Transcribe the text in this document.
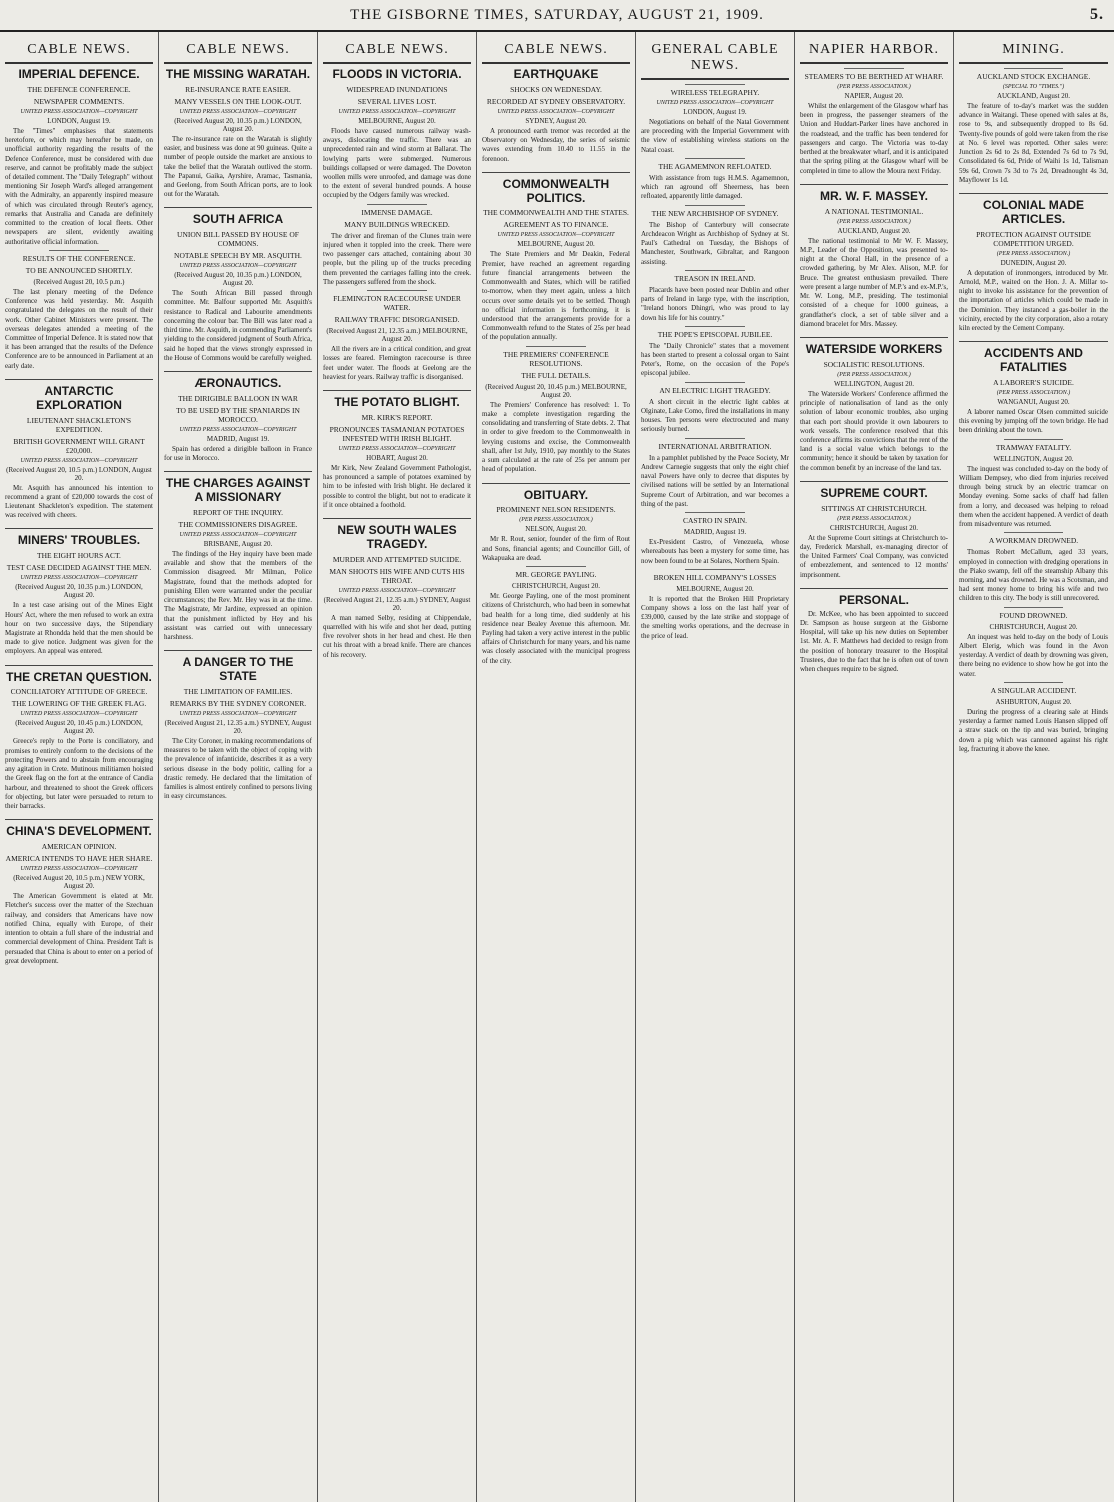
THE GISBORNE TIMES, SATURDAY, AUGUST 21, 1909.	5.
CABLE NEWS.
IMPERIAL DEFENCE.
THE DEFENCE CONFERENCE.
NEWSPAPER COMMENTS.
UNITED PRESS ASSOCIATION—COPYRIGHT
LONDON, August 19.

The "Times" emphasises that statements heretofore, or which may hereafter be made, on unofficial authority regarding the results of the Defence Conference, must be considered with due reserve, and cannot be profitably made the subject of detailed comment. The "Daily Telegraph" without mentioning Sir Joseph Ward's alleged arrangement with the Admiralty, an apparently inspired measure of which was circulated through Reuter's agency, remarks that Australia and Canada are definitely committed to the creation of local fleets. Other newspapers are silent, evidently awaiting authoritative official information.

RESULTS OF THE CONFERENCE.
TO BE ANNOUNCED SHORTLY.
(Received August 20, 10.5 p.m.)

The last plenary meeting of the Defence Conference was held yesterday. Mr. Asquith congratulated the delegates on the result of their work. Other Cabinet Ministers were present. The overseas delegates attended a meeting of the Committee of Imperial Defence. It is stated now that it has been arranged that the results of the Defence Conference are to be announced in Parliament at an early date.

ANTARCTIC EXPLORATION
LIEUTENANT SHACKLETON'S EXPEDITION.
BRITISH GOVERNMENT WILL GRANT £20,000.
UNITED PRESS ASSOCIATION—COPYRIGHT
(Received August 20, 10.5 p.m.) LONDON, August 20.

Mr. Asquith has announced his intention to recommend a grant of £20,000 towards the cost of Lieutenant Shackleton's expedition. The statement was received with cheers.

MINERS' TROUBLES.
THE EIGHT HOURS ACT.
TEST CASE DECIDED AGAINST THE MEN.
UNITED PRESS ASSOCIATION—COPYRIGHT
(Received August 20, 10.35 p.m.) LONDON, August 20.

In a test case arising out of the Mines Eight Hours' Act, where the men refused to work an extra hour on two successive days, the Stipendiary Magistrate at Rhondda held that the men should be made to give notice. Judgment was given for the employers. An appeal was entered.

THE CRETAN QUESTION.
CONCILIATORY ATTITUDE OF GREECE.
THE LOWERING OF THE GREEK FLAG.
UNITED PRESS ASSOCIATION—COPYRIGHT
(Received August 20, 10.45 p.m.) LONDON, August 20.

Greece's reply to the Porte is conciliatory, and promises to entirely conform to the decisions of the protecting Powers and to abstain from encouraging any agitation in Crete. Mutinous militiamen hoisted the Greek flag on the fort at the entrance of Candia harbour, and threatened to shoot the Greek officers for objecting, but later were persuaded to return to their barracks.

CHINA'S DEVELOPMENT.
AMERICAN OPINION.
AMERICA INTENDS TO HAVE HER SHARE.
UNITED PRESS ASSOCIATION—COPYRIGHT
(Received August 20, 10.5 p.m.) NEW YORK, August 20.

The American Government is elated at Mr. Fletcher's success over the matter of the Szechuan railway, and considers that Americans have now notified China, equally with Europe, of their intention to obtain a full share of the industrial and commercial development of China. President Taft is persuaded that China is about to enter on a period of great development.

CABLE NEWS.
THE MISSING WARATAH.
RE-INSURANCE RATE EASIER.
MANY VESSELS ON THE LOOK-OUT.
UNITED PRESS ASSOCIATION—COPYRIGHT
(Received August 20, 10.35 p.m.) LONDON, August 20.

The re-insurance rate on the Waratah is slightly easier, and business was done at 90 guineas. Quite a number of people outside the market are anxious to take the belief that the Waratah outlived the storm. The Papanui, Gaika, Ayrshire, Aramac, Tasmania, and Geelong, from South African ports, are to look out for the Waratah.

SOUTH AFRICA
UNION BILL PASSED BY HOUSE OF COMMONS.
NOTABLE SPEECH BY MR. ASQUITH.
UNITED PRESS ASSOCIATION—COPYRIGHT
(Received August 20, 10.35 p.m.) LONDON, August 20.

The South African Bill passed through committee. Mr. Balfour supported Mr. Asquith's resistance to Radical and Labourite amendments concerning the colour bar. The Bill was later read a third time. Mr. Asquith, in commending Parliament's yielding to the considered judgment of South Africa, said he hoped that the views strongly expressed in the House of Commons would be carefully weighed.

ÆRONAUTICS.
THE DIRIGIBLE BALLOON IN WAR
TO BE USED BY THE SPANIARDS IN MOROCCO.
UNITED PRESS ASSOCIATION—COPYRIGHT
MADRID, August 19.

Spain has ordered a dirigible balloon in France for use in Morocco.

THE CHARGES AGAINST A MISSIONARY
REPORT OF THE INQUIRY.
THE COMMISSIONERS DISAGREE.
UNITED PRESS ASSOCIATION—COPYRIGHT
BRISBANE, August 20.

The findings of the Hey inquiry have been made available and show that the members of the Commission disagreed. Mr Milman, Police Magistrate, found that the methods adopted for punishing Ellen were warranted under the peculiar circumstances; the Rev. Mr. Hey was in at the time. The Magistrate, Mr Jardine, expressed an opinion that the punishment inflicted by Hey and his assistant was carried out with unnecessary harshness.

A DANGER TO THE STATE
THE LIMITATION OF FAMILIES.
REMARKS BY THE SYDNEY CORONER.
UNITED PRESS ASSOCIATION—COPYRIGHT
(Received August 21, 12.35 a.m.) SYDNEY, August 20.

The City Coroner, in making recommendations of measures to be taken with the object of coping with the prevalence of infanticide, describes it as a very serious disease in the body politic, calling for a drastic remedy. He declared that the limitation of families is almost entirely confined to persons living in easy circumstances.

CABLE NEWS.
FLOODS IN VICTORIA.
WIDESPREAD INUNDATIONS
SEVERAL LIVES LOST.
UNITED PRESS ASSOCIATION—COPYRIGHT
MELBOURNE, August 20.

Floods have caused numerous railway wash-aways, dislocating the traffic. There was an unprecedented rain and wind storm at Ballarat. The lowlying parts were submerged. Numerous buildings collapsed or were damaged. The Doveton woollen mills were unroofed, and damage was done to the extent of several hundred pounds. A house occupied by the Odgers family was wrecked.

IMMENSE DAMAGE.
MANY BUILDINGS WRECKED.

The driver and fireman of the Clunes train were injured when it toppled into the creek. There were two passenger cars attached, containing about 30 people, but the piling up of the trucks preceding them prevented the carriages falling into the creek. The passengers suffered from the shock.

FLEMINGTON RACECOURSE UNDER WATER.
RAILWAY TRAFFIC DISORGANISED.
(Received August 21, 12.35 a.m.) MELBOURNE, August 20.

All the rivers are in a critical condition, and great losses are feared. Flemington racecourse is three feet under water. The floods at Geelong are the heaviest for years. Railway traffic is disorganised.

THE POTATO BLIGHT.
MR. KIRK'S REPORT.
PRONOUNCES TASMANIAN POTATOES INFESTED WITH IRISH BLIGHT.
UNITED PRESS ASSOCIATION—COPYRIGHT
HOBART, August 20.

Mr Kirk, New Zealand Government Pathologist, has pronounced a sample of potatoes examined by him to be infested with Irish blight. He declared it possible to control the blight, but not to eradicate it if it once obtained a foothold.

NEW SOUTH WALES TRAGEDY.
MURDER AND ATTEMPTED SUICIDE.
MAN SHOOTS HIS WIFE AND CUTS HIS THROAT.
UNITED PRESS ASSOCIATION—COPYRIGHT
(Received August 21, 12.35 a.m.) SYDNEY, August 20.

A man named Selby, residing at Chippendale, quarrelled with his wife and shot her dead, putting five revolver shots in her head and chest. He then cut his throat with a bread knife. There are chances of his recovery.

CABLE NEWS.
EARTHQUAKE
SHOCKS ON WEDNESDAY.
RECORDED AT SYDNEY OBSERVATORY.
UNITED PRESS ASSOCIATION—COPYRIGHT
SYDNEY, August 20.

A pronounced earth tremor was recorded at the Observatory on Wednesday, the series of seismic waves extending from 10.40 to 11.55 in the forenoon.

COMMONWEALTH POLITICS.
THE COMMONWEALTH AND THE STATES.
AGREEMENT AS TO FINANCE.
UNITED PRESS ASSOCIATION—COPYRIGHT
MELBOURNE, August 20.

The State Premiers and Mr Deakin, Federal Premier, have reached an agreement regarding future financial arrangements between the Commonwealth and States, which will be ratified to-morrow, when they meet again, unless a hitch occurs over some details yet to be settled. Though no official information is forthcoming, it is understood that the arrangements provide for a Commonwealth refund to the States of 25s per head of the population annually.

THE PREMIERS' CONFERENCE RESOLUTIONS.
THE FULL DETAILS.
(Received August 20, 10.45 p.m.) MELBOURNE, August 20.

The Premiers' Conference has resolved: 1. To make a complete investigation regarding the consolidating and transferring of State debts. 2. That in order to give freedom to the Commonwealth in levying customs and excise, the Commonwealth shall, after 1st July, 1910, pay monthly to the States a sum calculated at the rate of 25s per annum per head of population.

OBITUARY.
PROMINENT NELSON RESIDENTS.
(PER PRESS ASSOCIATION.)
NELSON, August 20.

Mr R. Rout, senior, founder of the firm of Rout and Sons, financial agents; and Councillor Gill, of Wakapuaka are dead.

MR. GEORGE PAYLING.
CHRISTCHURCH, August 20.

Mr. George Payling, one of the most prominent citizens of Christchurch, who had been in somewhat bad health for a long time, died suddenly at his residence near Bealey Avenue this afternoon. Mr. Payling had taken a very active interest in the public affairs of Christchurch for many years, and his name was closely associated with the municipal progress of the city.

GENERAL CABLE NEWS.
WIRELESS TELEGRAPHY.
UNITED PRESS ASSOCIATION—COPYRIGHT
LONDON, August 19.

Negotiations on behalf of the Natal Government are proceeding with the Imperial Government with the view of establishing wireless stations on the Natal coast.

THE AGAMEMNON REFLOATED.

With assistance from tugs H.M.S. Agamemnon, which ran aground off Sheerness, has been refloated, apparently little damaged.

THE NEW ARCHBISHOP OF SYDNEY.

The Bishop of Canterbury will consecrate Archdeacon Wright as Archbishop of Sydney at St. Paul's Cathedral on Tuesday, the Bishops of Manchester, Southwark, Gibraltar, and Rangoon assisting.

TREASON IN IRELAND.

Placards have been posted near Dublin and other parts of Ireland in large type, with the inscription, "Ireland honors Dhingri, who was proud to lay down his life for his country."

THE POPE'S EPISCOPAL JUBILEE.

The "Daily Chronicle" states that a movement has been started to present a colossal organ to Saint Peter's, Rome, on the occasion of the Pope's episcopal jubilee.

AN ELECTRIC LIGHT TRAGEDY.

A short circuit in the electric light cables at Olginate, Lake Como, fired the installations in many houses. Ten persons were electrocuted and many seriously burned.

INTERNATIONAL ARBITRATION.

In a pamphlet published by the Peace Society, Mr Andrew Carnegie suggests that only the eight chief naval Powers have only to decree that disputes by civilised nations will be settled by an International Supreme Court of Arbitration, and war becomes a thing of the past.

CASTRO IN SPAIN.
MADRID, August 19.

Ex-President Castro, of Venezuela, whose whereabouts has been a mystery for some time, has now been found to be at Solares, Northern Spain.

BROKEN HILL COMPANY'S LOSSES
MELBOURNE, August 20.

It is reported that the Broken Hill Proprietary Company shows a loss on the last half year of £39,000, caused by the late strike and stoppage of the smelting works operations, and the decrease in the price of lead.

NAPIER HARBOR.
STEAMERS TO BE BERTHED AT WHARF.
(PER PRESS ASSOCIATION.)
NAPIER, August 20.

Whilst the enlargement of the Glasgow wharf has been in progress, the passenger steamers of the Union and Huddart-Parker lines have anchored in the roadstead, and the traffic has been tendered for passengers and cargo. The Victoria was to-day berthed at the breakwater wharf, and it is anticipated that the spring piling at the Glasgow wharf will be completed in time to allow the Moura next Friday.

MR. W. F. MASSEY.
A NATIONAL TESTIMONIAL.
(PER PRESS ASSOCIATION.)
AUCKLAND, August 20.

The national testimonial to Mr W. F. Massey, M.P., Leader of the Opposition, was presented to-night at the Choral Hall, in the presence of a crowded gathering, by Mr Alex. Alison, M.P. for Bruce. The greatest enthusiasm prevailed. There were present a large number of M.P.'s and ex-M.P.'s, Mr. W. Long, M.P., presiding. The testimonial consisted of a cheque for 1000 guineas, a grandfather's clock, a set of table silver and a diamond bracelet for Mrs. Massey.

WATERSIDE WORKERS
SOCIALISTIC RESOLUTIONS.
(PER PRESS ASSOCIATION.)
WELLINGTON, August 20.

The Waterside Workers' Conference affirmed the principle of nationalisation of land as the only solution of labour economic troubles, also urging that each port should provide it own labourers to work vessels. The conference resolved that this conference affirms its convictions that the rent of the land is a social value which belongs to the community; hence it should be taken by taxation for the common benefit by an increase of the land tax.

SUPREME COURT.
SITTINGS AT CHRISTCHURCH.
(PER PRESS ASSOCIATION.)
CHRISTCHURCH, August 20.

At the Supreme Court sittings at Christchurch to-day, Frederick Marshall, ex-managing director of the United Farmers' Coal Company, was convicted of embezzlement, and sentenced to 12 months' imprisonment.

PERSONAL.

Dr. McKee, who has been appointed to succeed Dr. Sampson as house surgeon at the Gisborne Hospital, will take up his new duties on September 1st. Mr. A. F. Matthews had decided to resign from the position of honorary treasurer to the Hospital Trustees, due to the fact that he is often out of town when cheques require to be signed.

MINING.
AUCKLAND STOCK EXCHANGE.
(SPECIAL TO "TIMES.")
AUCKLAND, August 20.

The feature of to-day's market was the sudden advance in Waitangi. These opened with sales at 8s, rose to 9s, and subsequently dropped to 8s 6d. Twenty-five pounds of gold were taken from the rise at No. 6 level was reported. Other sales were: Junction 2s 6d to 2s 8d, Extended 7s 6d to 7s 9d, Consolidated 6s 6d, Pride of Waihi 1s 1d, Talisman 59s 6d, Crown 7s 3d to 7s 2d, Dreadnought 4s 3d, Mayflower 1s 1d.

COLONIAL MADE ARTICLES.
PROTECTION AGAINST OUTSIDE COMPETITION URGED.
(PER PRESS ASSOCIATION.)
DUNEDIN, August 20.

A deputation of ironmongers, introduced by Mr. Arnold, M.P., waited on the Hon. J. A. Millar to-night to invoke his assistance for the prevention of the importation of articles which could be made in the Dominion. They instanced a gas-boiler in the vicinity, erected by the city corporation, also a rotary kiln erected by the Cement Company.

ACCIDENTS AND FATALITIES
A LABORER'S SUICIDE.
(PER PRESS ASSOCIATION.)
WANGANUI, August 20.

A laborer named Oscar Olsen committed suicide this evening by jumping off the town bridge. He had been drinking about the town.

TRAMWAY FATALITY.
WELLINGTON, August 20.

The inquest was concluded to-day on the body of William Dempsey, who died from injuries received through being struck by an electric tramcar on Monday evening. Some sacks of chaff had fallen from a lorry, and deceased was helping to reload them when the accident happened. A verdict of death from misadventure was returned.

A WORKMAN DROWNED.

Thomas Robert McCallum, aged 33 years, employed in connection with dredging operations in the Piako swamp, fell off the steamship Albany this morning, and was drowned. He was a Scotsman, and had sent money home to bring his wife and two children to this city. The body is still unrecovered.

FOUND DROWNED.
CHRISTCHURCH, August 20.

An inquest was held to-day on the body of Louis Albert Elerig, which was found in the Avon yesterday. A verdict of death by drowning was given, there being no evidence to show how he got into the water.

A SINGULAR ACCIDENT.
ASHBURTON, August 20.

During the progress of a clearing sale at Hinds yesterday a farmer named Louis Hansen slipped off a straw stack on the tip and was buried, bringing down a pig which was cannoned against his right leg, fracturing it above the knee.
